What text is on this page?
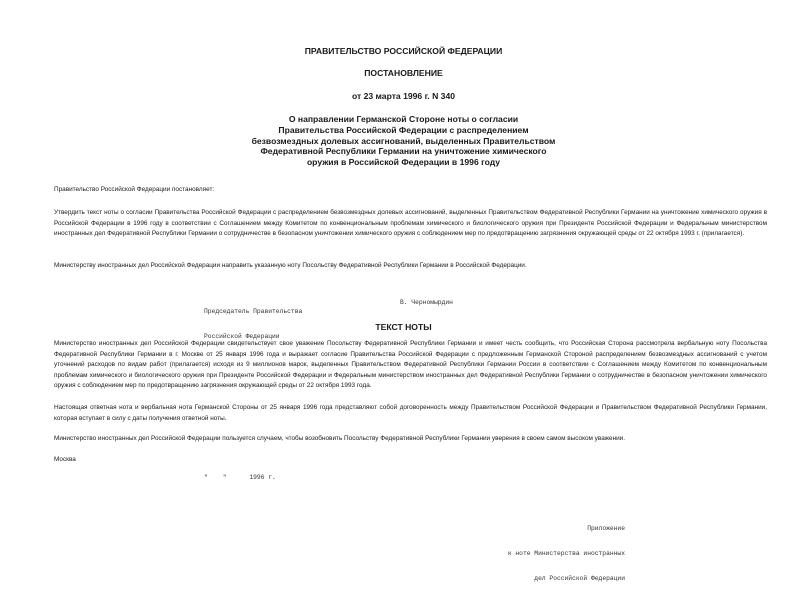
ПРАВИТЕЛЬСТВО РОССИЙСКОЙ ФЕДЕРАЦИИ
ПОСТАНОВЛЕНИЕ
от 23 марта 1996 г. N 340
О направлении Германской Стороне ноты о согласии
Правительства Российской Федерации с распределением
безвозмездных долевых ассигнований, выделенных Правительством
Федеративной Республики Германии на уничтожение химического
оружия в Российской Федерации в 1996 году
Правительство Российской Федерации постановляет:
Утвердить текст ноты о согласии Правительства Российской Федерации с распределением безвозмездных долевых ассигнований, выделенных Правительством Федеративной Республики Германии на уничтожение химического оружия в Российской Федерации в 1996 году в соответствии с Соглашением между Комитетом по конвенциональным проблемам химического и биологического оружия при Президенте Российской Федерации и Федеральным министерством иностранных дел Федеративной Республики Германии о сотрудничестве в безопасном уничтожении химического оружия с соблюдением мер по предотвращению загрязнения окружающей среды от 22 октября 1993 г. (прилагается).
Министерству иностранных дел Российской Федерации направить указанную ноту Посольству Федеративной Республики Германии в Российской Федерации.

Председатель Правительства

Российской Федерации

В. Черномырдин
ТЕКСТ НОТЫ
Министерство иностранных дел Российской Федерации свидетельствует свое уважение Посольству Федеративной Республики Германии и имеет честь сообщить, что Российская Сторона рассмотрела вербальную ноту Посольства Федеративной Республики Германии в г. Москве от 25 января 1996 года и выражает согласие Правительства Российской Федерации с предложенным Германской Стороной распределением безвозмездных ассигнований с учетом уточнений расходов по видам работ (прилагается) исходя из 9 миллионов марок, выделенных Правительством Федеративной Республики Германии России в соответствии с Соглашением между Комитетом по конвенциональным проблемам химического и биологического оружия при Президенте Российской Федерации и Федеральным министерством иностранных дел Федеративной Республики Германии о сотрудничестве в безопасном уничтожении химического оружия с соблюдением мер по предотвращению загрязнения окружающей среды от 22 октября 1993 года.
Настоящая ответная нота и вербальная нота Германской Стороны от 25 января 1996 года представляют собой договоренность между Правительством Российской Федерации и Правительством Федеративной Республики Германии, которая вступает в силу с даты получения ответной ноты.
Министерство иностранных дел Российской Федерации пользуется случаем, чтобы возобновить Посольству Федеративной Республики Германии уверения в своем самом высоком уважении.
Москва
"    "      1996 г.

Приложение

к ноте Министерства иностранных

дел Российской Федерации
